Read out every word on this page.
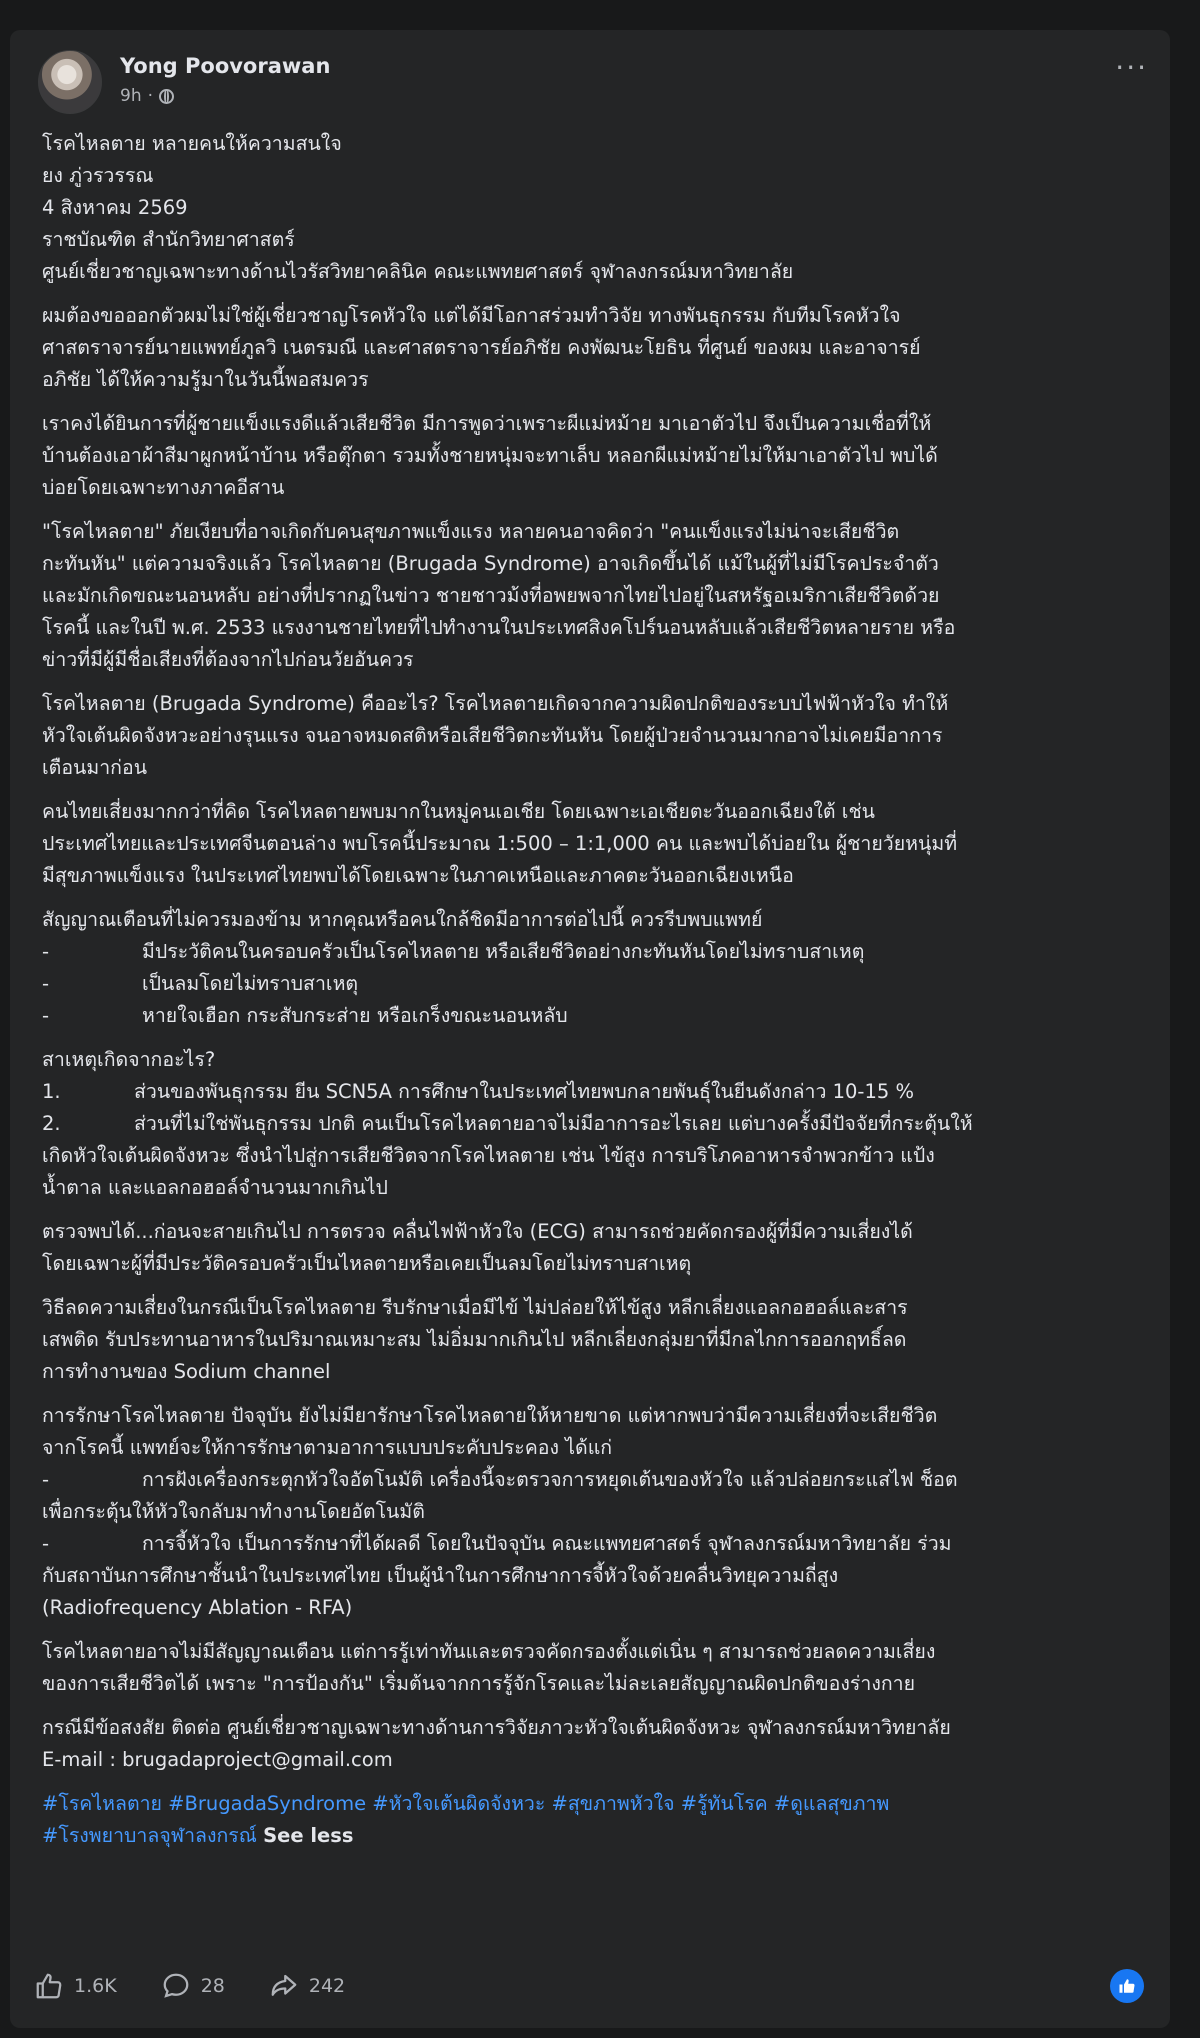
Yong Poovorawan
9h ·
···
โรคไหลตาย หลายคนให้ความสนใจ
ยง ภู่วรวรรณ
4 สิงหาคม 2569
ราชบัณฑิต สำนักวิทยาศาสตร์
ศูนย์เชี่ยวชาญเฉพาะทางด้านไวรัสวิทยาคลินิค คณะแพทยศาสตร์ จุฬาลงกรณ์มหาวิทยาลัย
ผมต้องขอออกตัวผมไม่ใช่ผู้เชี่ยวชาญโรคหัวใจ แต่ได้มีโอกาสร่วมทำวิจัย ทางพันธุกรรม กับทีมโรคหัวใจ
ศาสตราจารย์นายแพทย์ภูลวิ เนตรมณี และศาสตราจารย์อภิชัย คงพัฒนะโยธิน ที่ศูนย์ ของผม และอาจารย์
อภิชัย ได้ให้ความรู้มาในวันนี้พอสมควร
เราคงได้ยินการที่ผู้ชายแข็งแรงดีแล้วเสียชีวิต มีการพูดว่าเพราะผีแม่หม้าย มาเอาตัวไป จึงเป็นความเชื่อที่ให้
บ้านต้องเอาผ้าสีมาผูกหน้าบ้าน หรือตุ๊กตา รวมทั้งชายหนุ่มจะทาเล็บ หลอกผีแม่หม้ายไม่ให้มาเอาตัวไป พบได้
บ่อยโดยเฉพาะทางภาคอีสาน
"โรคไหลตาย" ภัยเงียบที่อาจเกิดกับคนสุขภาพแข็งแรง หลายคนอาจคิดว่า "คนแข็งแรงไม่น่าจะเสียชีวิต
กะทันหัน" แต่ความจริงแล้ว โรคไหลตาย (Brugada Syndrome) อาจเกิดขึ้นได้ แม้ในผู้ที่ไม่มีโรคประจำตัว
และมักเกิดขณะนอนหลับ อย่างที่ปรากฏในข่าว ชายชาวม้งที่อพยพจากไทยไปอยู่ในสหรัฐอเมริกาเสียชีวิตด้วย
โรคนี้ และในปี พ.ศ. 2533 แรงงานชายไทยที่ไปทำงานในประเทศสิงคโปร์นอนหลับแล้วเสียชีวิตหลายราย หรือ
ข่าวที่มีผู้มีชื่อเสียงที่ต้องจากไปก่อนวัยอันควร
โรคไหลตาย (Brugada Syndrome) คืออะไร? โรคไหลตายเกิดจากความผิดปกติของระบบไฟฟ้าหัวใจ ทำให้
หัวใจเต้นผิดจังหวะอย่างรุนแรง จนอาจหมดสติหรือเสียชีวิตกะทันหัน โดยผู้ป่วยจำนวนมากอาจไม่เคยมีอาการ
เตือนมาก่อน
คนไทยเสี่ยงมากกว่าที่คิด โรคไหลตายพบมากในหมู่คนเอเชีย โดยเฉพาะเอเชียตะวันออกเฉียงใต้ เช่น
ประเทศไทยและประเทศจีนตอนล่าง พบโรคนี้ประมาณ 1:500 – 1:1,000 คน และพบได้บ่อยใน ผู้ชายวัยหนุ่มที่
มีสุขภาพแข็งแรง ในประเทศไทยพบได้โดยเฉพาะในภาคเหนือและภาคตะวันออกเฉียงเหนือ
สัญญาณเตือนที่ไม่ควรมองข้าม หากคุณหรือคนใกล้ชิดมีอาการต่อไปนี้ ควรรีบพบแพทย์
-	มีประวัติคนในครอบครัวเป็นโรคไหลตาย หรือเสียชีวิตอย่างกะทันหันโดยไม่ทราบสาเหตุ
-	เป็นลมโดยไม่ทราบสาเหตุ
-	หายใจเฮือก กระสับกระส่าย หรือเกร็งขณะนอนหลับ
สาเหตุเกิดจากอะไร?
1.	ส่วนของพันธุกรรม ยีน SCN5A การศึกษาในประเทศไทยพบกลายพันธุ์ในยีนดังกล่าว 10-15 %
2.	ส่วนที่ไม่ใช่พันธุกรรม ปกติ คนเป็นโรคไหลตายอาจไม่มีอาการอะไรเลย แต่บางครั้งมีปัจจัยที่กระตุ้นให้
เกิดหัวใจเต้นผิดจังหวะ ซึ่งนำไปสู่การเสียชีวิตจากโรคไหลตาย เช่น ไข้สูง การบริโภคอาหารจำพวกข้าว แป้ง
น้ำตาล และแอลกอฮอล์จำนวนมากเกินไป
ตรวจพบได้...ก่อนจะสายเกินไป การตรวจ คลื่นไฟฟ้าหัวใจ (ECG) สามารถช่วยคัดกรองผู้ที่มีความเสี่ยงได้
โดยเฉพาะผู้ที่มีประวัติครอบครัวเป็นไหลตายหรือเคยเป็นลมโดยไม่ทราบสาเหตุ
วิธีลดความเสี่ยงในกรณีเป็นโรคไหลตาย รีบรักษาเมื่อมีไข้ ไม่ปล่อยให้ไข้สูง หลีกเลี่ยงแอลกอฮอล์และสาร
เสพติด รับประทานอาหารในปริมาณเหมาะสม ไม่อิ่มมากเกินไป หลีกเลี่ยงกลุ่มยาที่มีกลไกการออกฤทธิ์ลด
การทำงานของ Sodium channel
การรักษาโรคไหลตาย ปัจจุบัน ยังไม่มียารักษาโรคไหลตายให้หายขาด แต่หากพบว่ามีความเสี่ยงที่จะเสียชีวิต
จากโรคนี้ แพทย์จะให้การรักษาตามอาการแบบประคับประคอง ได้แก่
-	การฝังเครื่องกระตุกหัวใจอัตโนมัติ เครื่องนี้จะตรวจการหยุดเต้นของหัวใจ แล้วปล่อยกระแสไฟ ช็อต
เพื่อกระตุ้นให้หัวใจกลับมาทำงานโดยอัตโนมัติ
-	การจี้หัวใจ เป็นการรักษาที่ได้ผลดี โดยในปัจจุบัน คณะแพทยศาสตร์ จุฬาลงกรณ์มหาวิทยาลัย ร่วม
กับสถาบันการศึกษาชั้นนำในประเทศไทย เป็นผู้นำในการศึกษาการจี้หัวใจด้วยคลื่นวิทยุความถี่สูง
(Radiofrequency Ablation - RFA)
โรคไหลตายอาจไม่มีสัญญาณเตือน แต่การรู้เท่าทันและตรวจคัดกรองตั้งแต่เนิ่น ๆ สามารถช่วยลดความเสี่ยง
ของการเสียชีวิตได้ เพราะ "การป้องกัน" เริ่มต้นจากการรู้จักโรคและไม่ละเลยสัญญาณผิดปกติของร่างกาย
กรณีมีข้อสงสัย ติดต่อ ศูนย์เชี่ยวชาญเฉพาะทางด้านการวิจัยภาวะหัวใจเต้นผิดจังหวะ จุฬาลงกรณ์มหาวิทยาลัย
E-mail : brugadaproject@gmail.com
#โรคไหลตาย #BrugadaSyndrome #หัวใจเต้นผิดจังหวะ #สุขภาพหัวใจ #รู้ทันโรค #ดูแลสุขภาพ
#โรงพยาบาลจุฬาลงกรณ์ See less
1.6K	28	242
